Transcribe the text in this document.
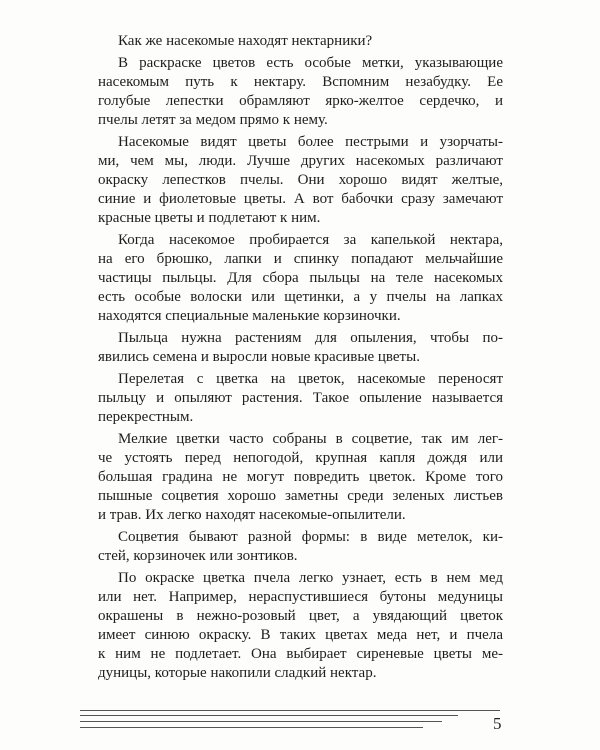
Как же насекомые находят нектарники?
В раскраске цветов есть особые метки, указывающие
насекомым путь к нектару. Вспомним незабудку. Ее
голубые лепестки обрамляют ярко-желтое сердечко, и
пчелы летят за медом прямо к нему.
Насекомые видят цветы более пестрыми и узорчаты-
ми, чем мы, люди. Лучше других насекомых различают
окраску лепестков пчелы. Они хорошо видят желтые,
синие и фиолетовые цветы. А вот бабочки сразу замечают
красные цветы и подлетают к ним.
Когда насекомое пробирается за капелькой нектара,
на его брюшко, лапки и спинку попадают мельчайшие
частицы пыльцы. Для сбора пыльцы на теле насекомых
есть особые волоски или щетинки, а у пчелы на лапках
находятся специальные маленькие корзиночки.
Пыльца нужна растениям для опыления, чтобы по-
явились семена и выросли новые красивые цветы.
Перелетая с цветка на цветок, насекомые переносят
пыльцу и опыляют растения. Такое опыление называется
перекрестным.
Мелкие цветки часто собраны в соцветие, так им лег-
че устоять перед непогодой, крупная капля дождя или
большая градина не могут повредить цветок. Кроме того
пышные соцветия хорошо заметны среди зеленых листьев
и трав. Их легко находят насекомые-опылители.
Соцветия бывают разной формы: в виде метелок, ки-
стей, корзиночек или зонтиков.
По окраске цветка пчела легко узнает, есть в нем мед
или нет. Например, нераспустившиеся бутоны медуницы
окрашены в нежно-розовый цвет, а увядающий цветок
имеет синюю окраску. В таких цветах меда нет, и пчела
к ним не подлетает. Она выбирает сиреневые цветы ме-
дуницы, которые накопили сладкий нектар.
5
